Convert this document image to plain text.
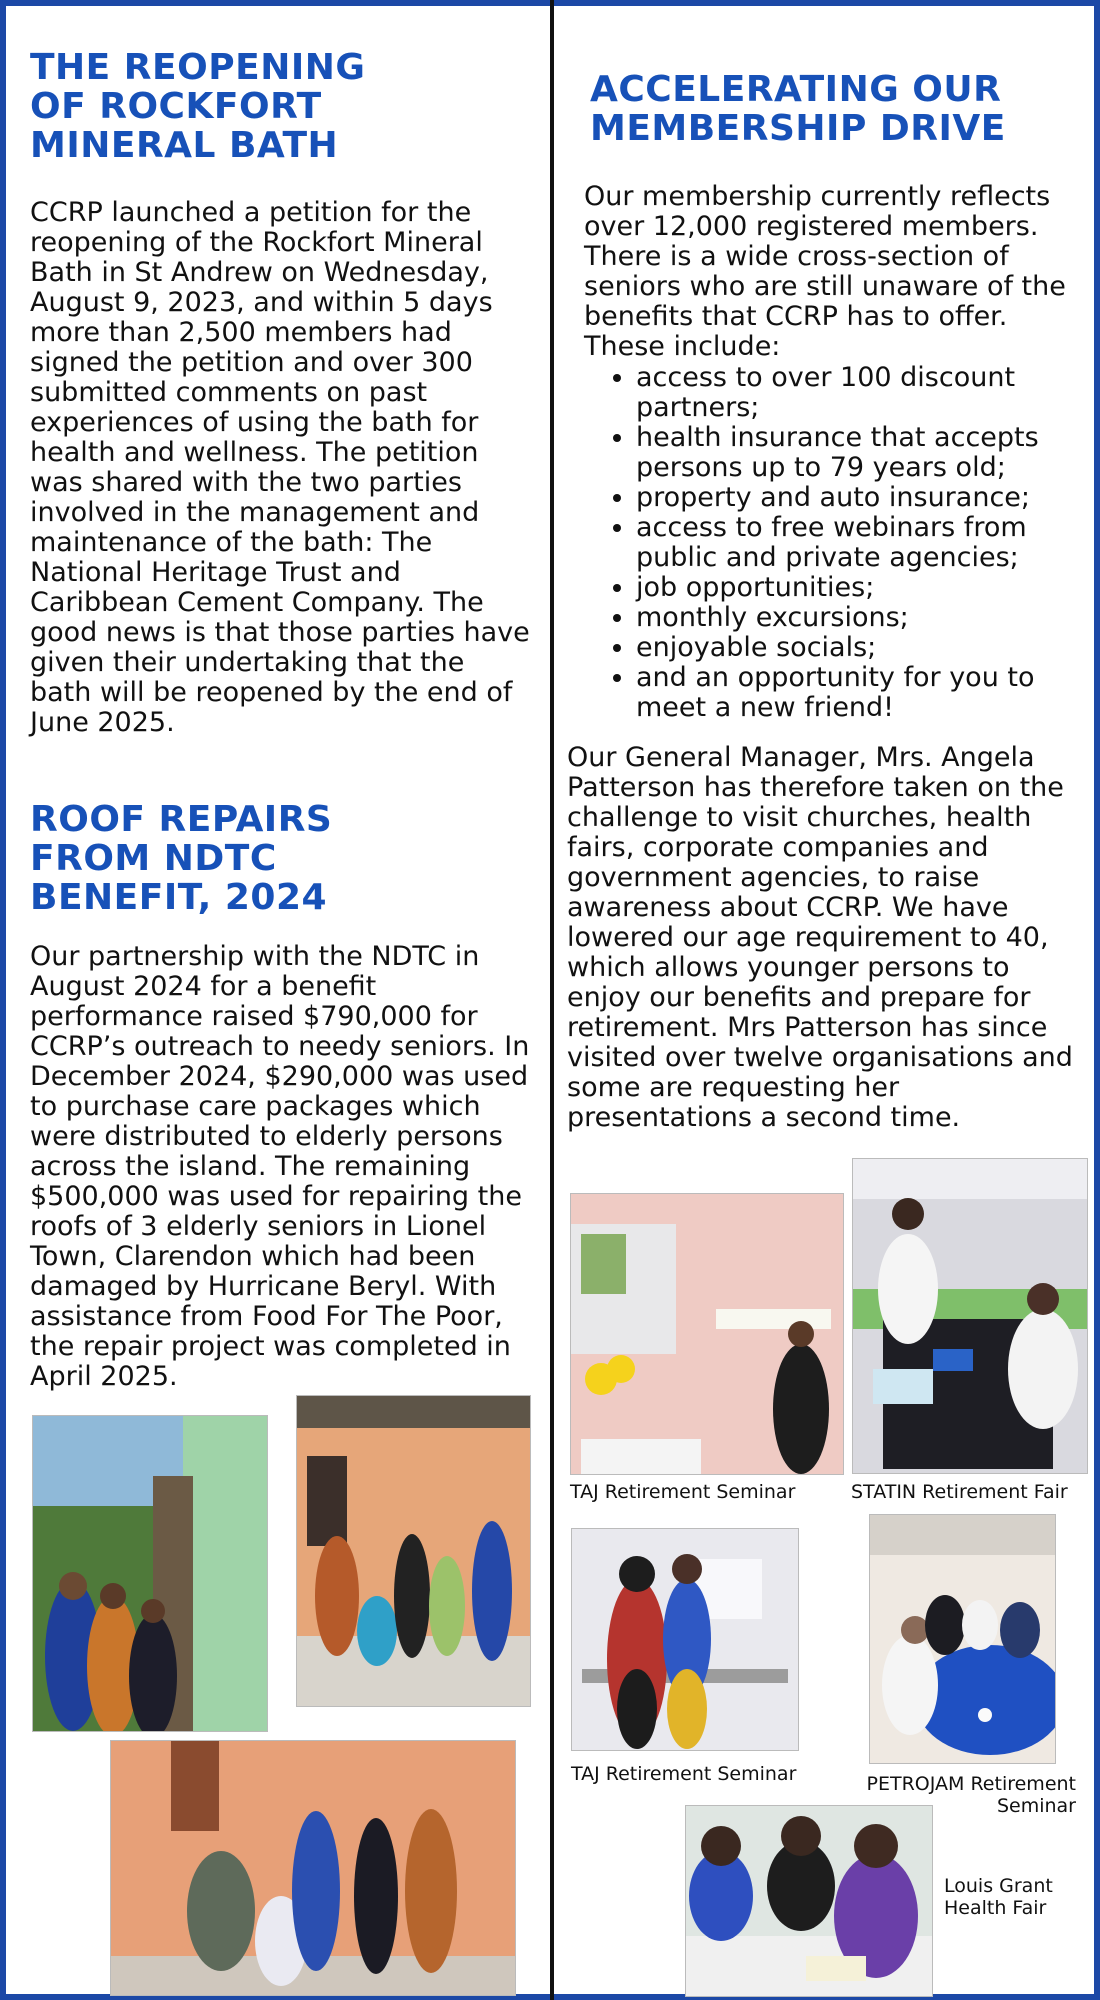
THE REOPENING
OF ROCKFORT
MINERAL BATH

CCRP launched a petition for the reopening of the Rockfort Mineral Bath in St Andrew on Wednesday, August 9, 2023, and within 5 days more than 2,500 members had signed the petition and over 300 submitted comments on past experiences of using the bath for health and wellness. The petition was shared with the two parties involved in the management and maintenance of the bath: The National Heritage Trust and Caribbean Cement Company. The good news is that those parties have given their undertaking that the bath will be reopened by the end of June 2025.

ROOF REPAIRS
FROM NDTC
BENEFIT, 2024

Our partnership with the NDTC in August 2024 for a benefit performance raised $790,000 for CCRP’s outreach to needy seniors. In December 2024, $290,000 was used to purchase care packages which were distributed to elderly persons across the island. The remaining $500,000 was used for repairing the roofs of 3 elderly seniors in Lionel Town, Clarendon which had been damaged by Hurricane Beryl. With assistance from Food For The Poor, the repair project was completed in April 2025.

ACCELERATING OUR
MEMBERSHIP DRIVE

Our membership currently reflects over 12,000 registered members. There is a wide cross-section of seniors who are still unaware of the benefits that CCRP has to offer. These include:

• access to over 100 discount partners;
• health insurance that accepts persons up to 79 years old;
• property and auto insurance;
• access to free webinars from public and private agencies;
• job opportunities;
• monthly excursions;
• enjoyable socials;
• and an opportunity for you to meet a new friend!

Our General Manager, Mrs. Angela Patterson has therefore taken on the challenge to visit churches, health fairs, corporate companies and government agencies, to raise awareness about CCRP. We have lowered our age requirement to 40, which allows younger persons to enjoy our benefits and prepare for retirement. Mrs Patterson has since visited over twelve organisations and some are requesting her presentations a second time.

TAJ Retirement Seminar	STATIN Retirement Fair
TAJ Retirement Seminar	PETROJAM Retirement
Seminar
Louis Grant
Health Fair
